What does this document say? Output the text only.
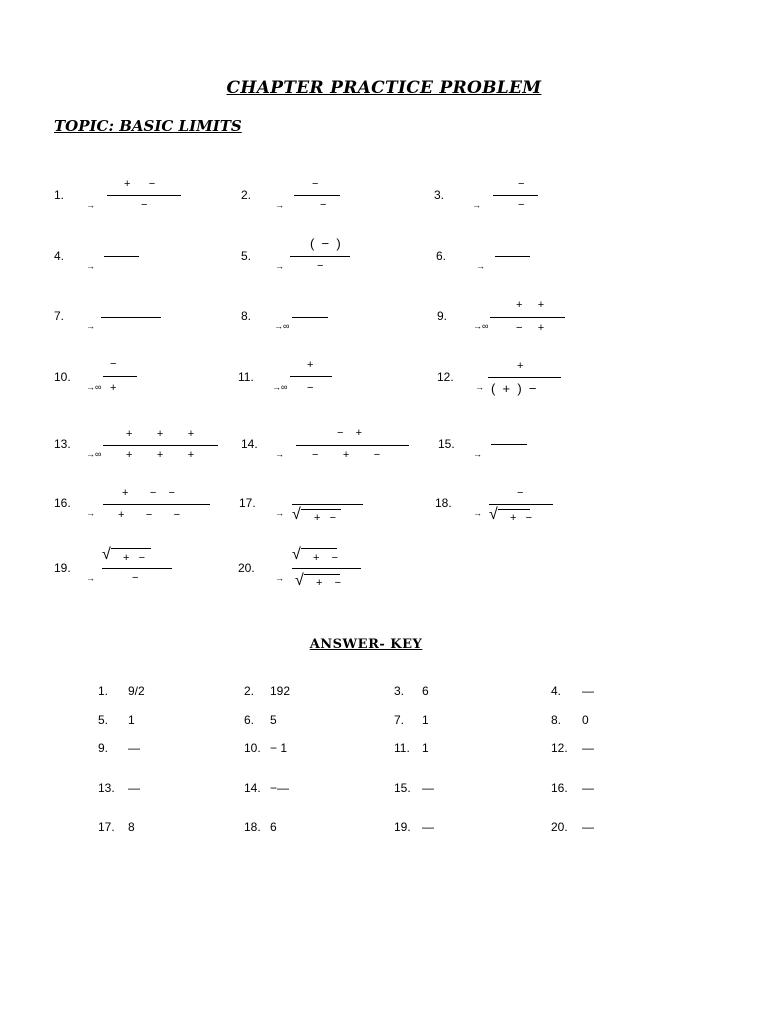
CHAPTER PRACTICE PROBLEM
TOPIC: BASIC LIMITS
1.
→
+      −
−
2.
→
−
−
3.
→
−
−
4.
→
5.
→
(  −  )
−
6.
→
7.
→
8.
→∞
9.
→∞
+     +
−     +
10.
→∞
−
+
11.
→∞
+
−
12.
→
+
(  +  )  −
13.
→∞
+        +        +
+        +        +
14.
→
−    +
−        +        −
15.
→
16.
→
+       −    −
+       −       −
17.
→ √ +   −
18.
→
−
√ +   −
19.
→
√ +   −
−
20.
→
√ +    −
√ +    −
ANSWER- KEY
1. 9/2	2. 192	3. 6	4. —
5. 1	6. 5	7. 1	8. 0
9. —	10. − 1	11. 1	12. —
13. —	14. −—	15. —	16. —
17. 8	18. 6	19. —	20. —
